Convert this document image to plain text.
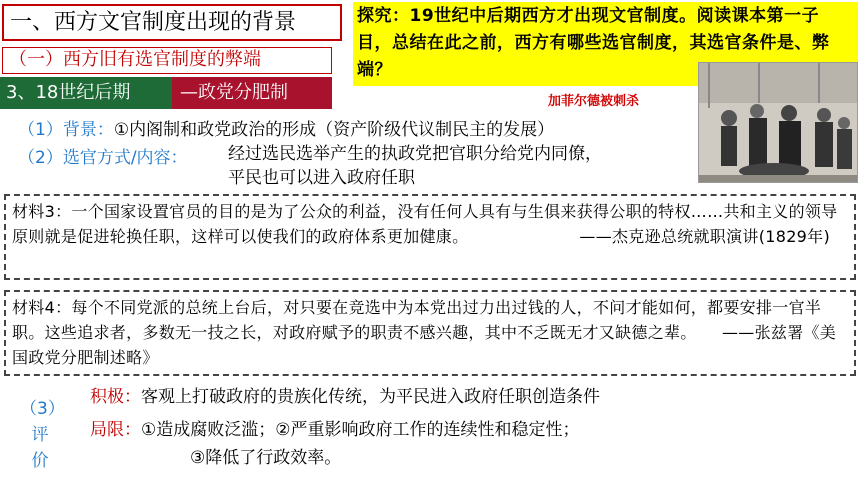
一、西方文官制度出现的背景
（一）西方旧有选官制度的弊端
3、18世纪后期	—政党分肥制
探究：19世纪中后期西方才出现文官制度。阅读课本第一子目，总结在此之前，西方有哪些选官制度，其选官条件是、弊端？
加菲尔德被刺杀
（1）背景：①内阁制和政党政治的形成（资产阶级代议制民主的发展）
（2）选官方式/内容： 经过选民选举产生的执政党把官职分给党内同僚，
平民也可以进入政府任职
材料3：一个国家设置官员的目的是为了公众的利益，没有任何人具有与生俱来获得公职的特权……共和主义的领导原则就是促进轮换任职，这样可以使我们的政府体系更加健康。	——杰克逊总统就职演讲(1829年)
材料4：每个不同党派的总统上台后，对只要在竞选中为本党出过力出过钱的人，不问才能如何，都要安排一官半职。这些追求者，多数无一技之长，对政府赋予的职责不感兴趣，其中不乏既无才又缺德之辈。 ——张兹署《美国政党分肥制述略》
（3）
评
价
积极：客观上打破政府的贵族化传统，为平民进入政府任职创造条件
局限：①造成腐败泛滥；②严重影响政府工作的连续性和稳定性；
③降低了行政效率。
